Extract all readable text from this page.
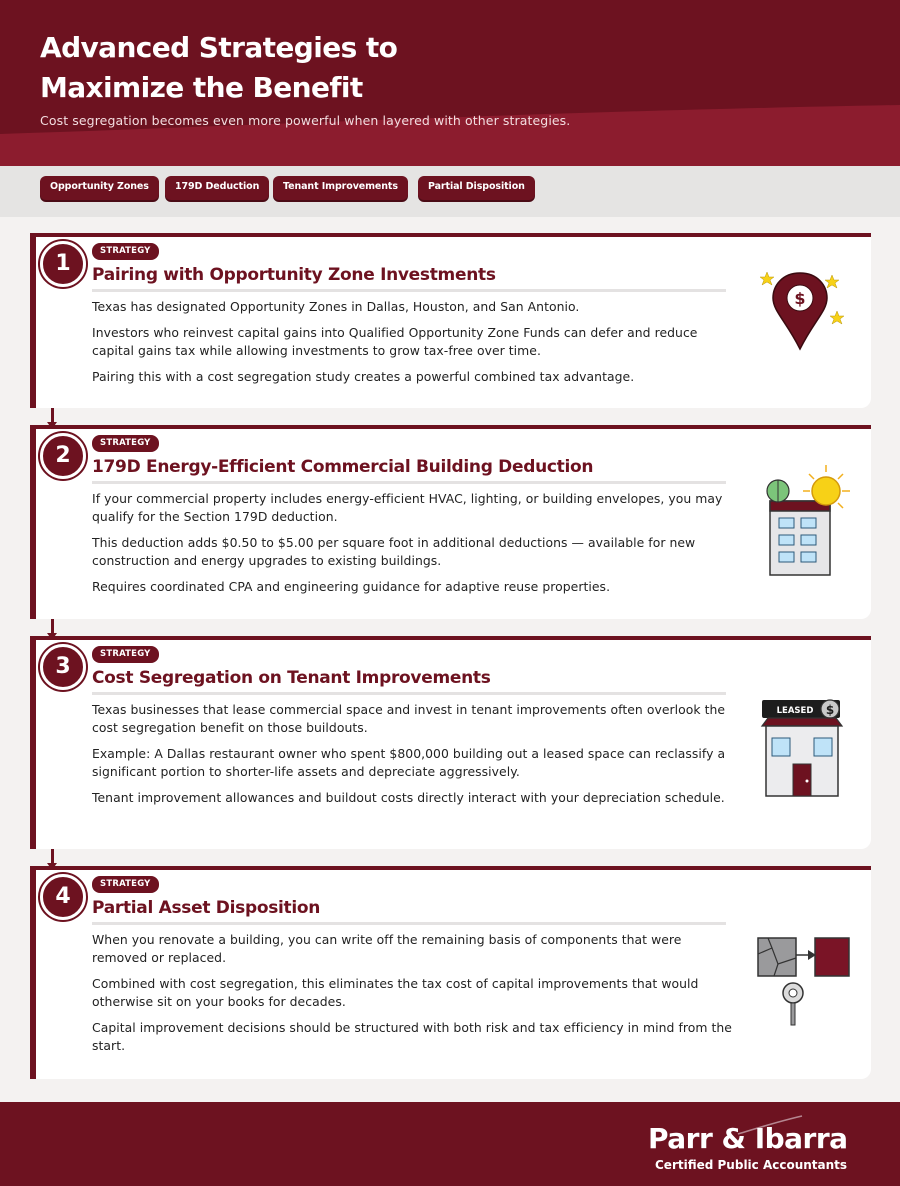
Advanced Strategies to
Maximize the Benefit
Cost segregation becomes even more powerful when layered with other strategies.
Opportunity Zones	179D Deduction	Tenant Improvements	Partial Disposition
1	STRATEGY
Pairing with Opportunity Zone Investments

Texas has designated Opportunity Zones in Dallas, Houston, and San Antonio.

Investors who reinvest capital gains into Qualified Opportunity Zone Funds can defer and reduce capital gains tax while allowing investments to grow tax-free over time.

Pairing this with a cost segregation study creates a powerful combined tax advantage.

$
2	STRATEGY
179D Energy-Efficient Commercial Building Deduction

If your commercial property includes energy-efficient HVAC, lighting, or building envelopes, you may qualify for the Section 179D deduction.

This deduction adds $0.50 to $5.00 per square foot in additional deductions — available for new construction and energy upgrades to existing buildings.

Requires coordinated CPA and engineering guidance for adaptive reuse properties.

3	STRATEGY
Cost Segregation on Tenant Improvements

Texas businesses that lease commercial space and invest in tenant improvements often overlook the cost segregation benefit on those buildouts.

Example: A Dallas restaurant owner who spent $800,000 building out a leased space can reclassify a significant portion to shorter-life assets and depreciate aggressively.

Tenant improvement allowances and buildout costs directly interact with your depreciation schedule.

LEASED $
4	STRATEGY
Partial Asset Disposition

When you renovate a building, you can write off the remaining basis of components that were removed or replaced.

Combined with cost segregation, this eliminates the tax cost of capital improvements that would otherwise sit on your books for decades.

Capital improvement decisions should be structured with both risk and tax efficiency in mind from the start.

Parr & Ibarra
Certified Public Accountants
